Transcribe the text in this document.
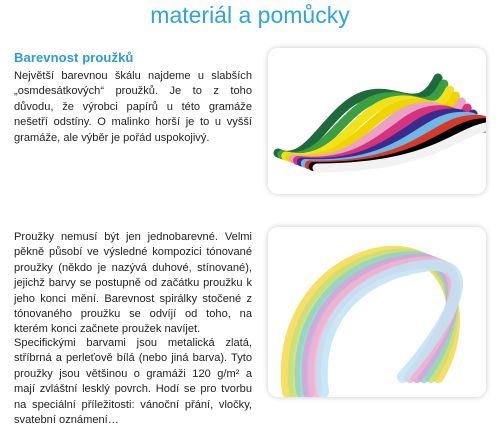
materiál a pomůcky
Barevnost proužků

Největší barevnou škálu najdeme u slabších „osmdesátkových“ proužků. Je to z toho důvodu, že výrobci papírů u této gramáže nešetří odstíny. O malinko horší je to u vyšší gramáže, ale výběr je pořád uspokojivý.

Proužky nemusí být jen jednobarevné. Velmi pěkně působí ve výsledné kompozici tónované proužky (někdo je nazývá duhové, stínované), jejichž barvy se postupně od začátku proužku k jeho konci mění. Barevnost spirálky stočené z tónovaného proužku se odvíjí od toho, na kterém konci začnete proužek navíjet.

Specifickými barvami jsou metalická zlatá, stříbrná a perleťově bílá (nebo jiná barva). Tyto proužky jsou většinou o gramáži 120 g/m² a mají zvláštní lesklý povrch. Hodí se pro tvorbu na speciální příležitosti: vánoční přání, vločky, svatební oznámení…
